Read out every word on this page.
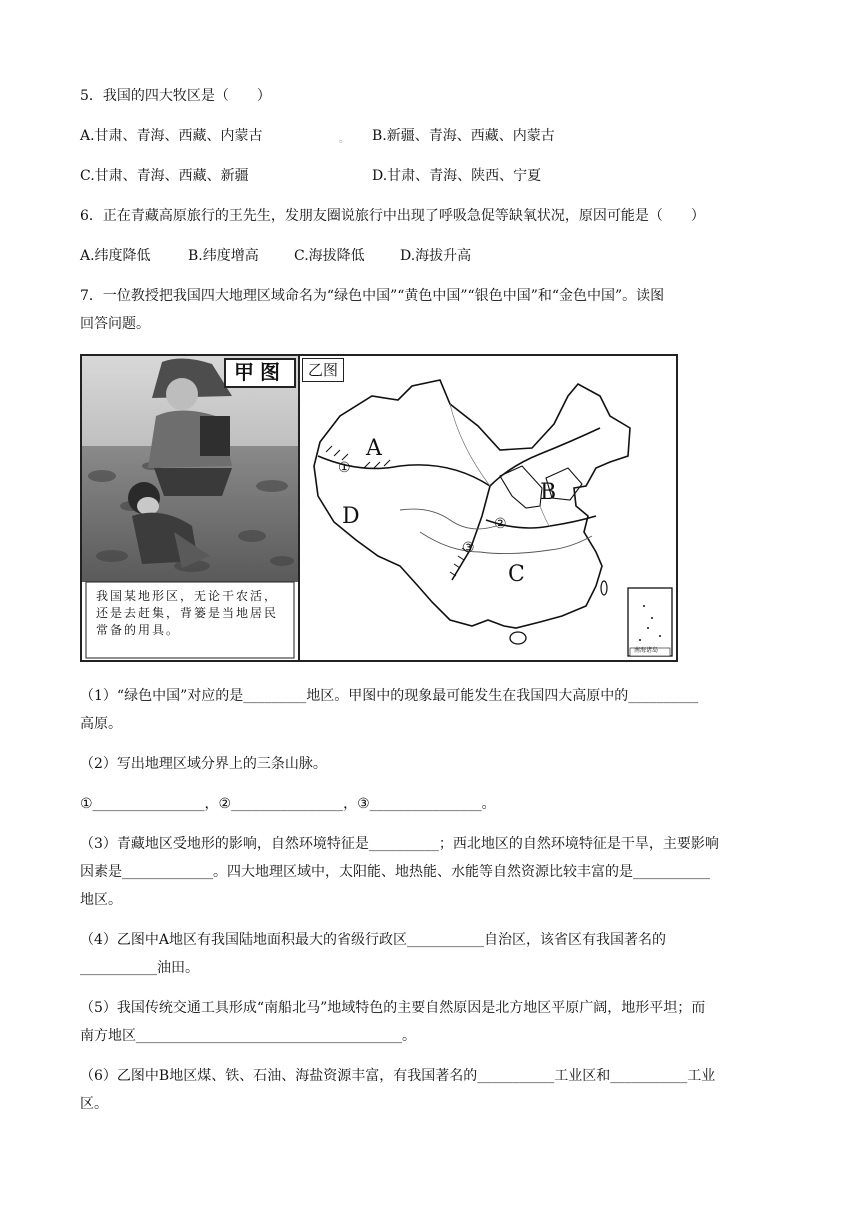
5．我国的四大牧区是（　　）
A.甘肃、青海、西藏、内蒙古	。 B.新疆、青海、西藏、内蒙古
C.甘肃、青海、西藏、新疆	D.甘肃、青海、陕西、宁夏
6．正在青藏高原旅行的王先生，发朋友圈说旅行中出现了呼吸急促等缺氧状况，原因可能是（　　）
A.纬度降低	B.纬度增高	C.海拔降低	D.海拔升高
7．一位教授把我国四大地理区域命名为“绿色中国”“黄色中国”“银色中国”和“金色中国”。读图
回答问题。
甲图
我国某地形区，无论干农活，还是去赶集，背篓是当地居民常备的用具。
乙图
A
B
C
D
①
②
③
南海诸岛
（1）“绿色中国”对应的是_________地区。甲图中的现象最可能发生在我国四大高原中的__________
高原。
（2）写出地理区域分界上的三条山脉。
①________________，②________________，③________________。
（3）青藏地区受地形的影响，自然环境特征是__________；西北地区的自然环境特征是干旱，主要影响
因素是_____________。四大地理区域中，太阳能、地热能、水能等自然资源比较丰富的是___________
地区。
（4）乙图中A地区有我国陆地面积最大的省级行政区___________自治区，该省区有我国著名的
___________油田。
（5）我国传统交通工具形成“南船北马”地域特色的主要自然原因是北方地区平原广阔，地形平坦；而
南方地区______________________________________。
（6）乙图中B地区煤、铁、石油、海盐资源丰富，有我国著名的___________工业区和___________工业
区。
